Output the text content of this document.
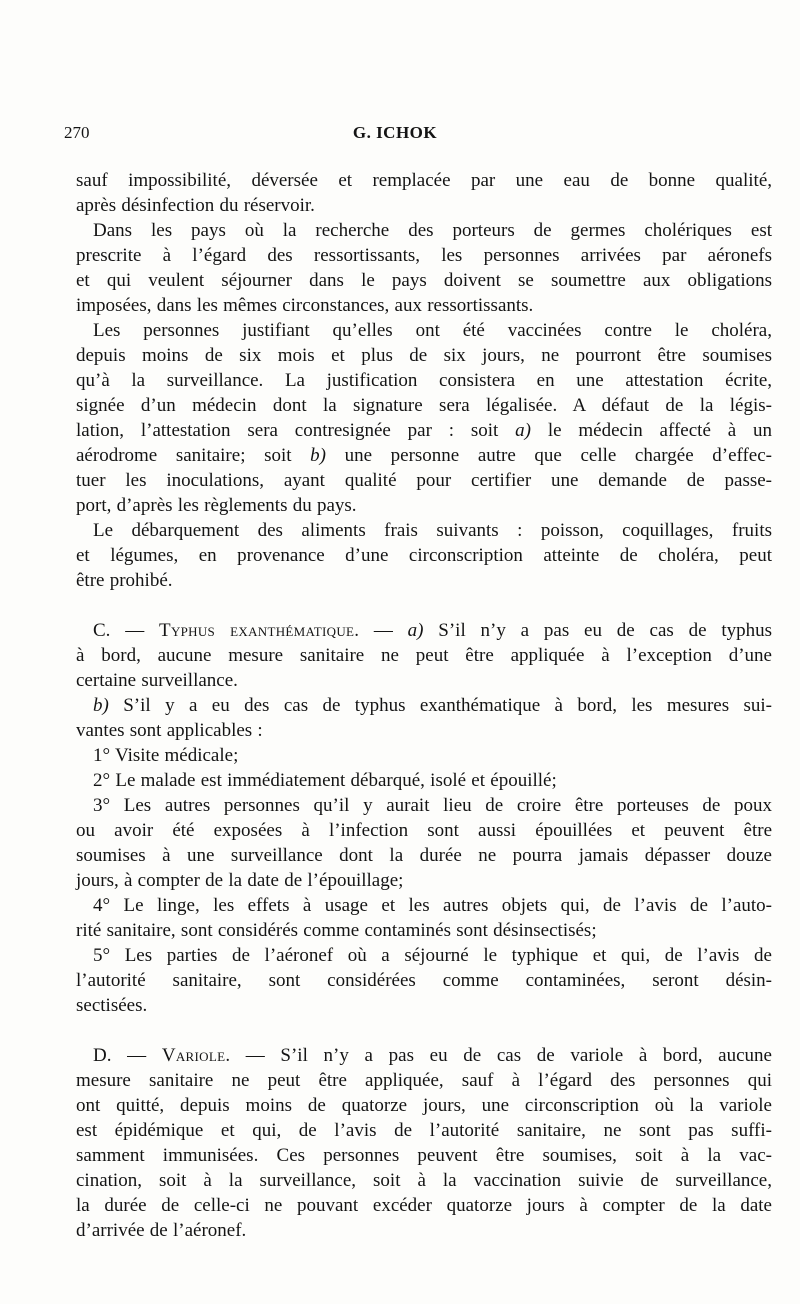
270	G. ICHOK
sauf impossibilité, déversée et remplacée par une eau de bonne qualité,
après désinfection du réservoir.
Dans les pays où la recherche des porteurs de germes cholériques est
prescrite à l’égard des ressortissants, les personnes arrivées par aéronefs
et qui veulent séjourner dans le pays doivent se soumettre aux obligations
imposées, dans les mêmes circonstances, aux ressortissants.
Les personnes justifiant qu’elles ont été vaccinées contre le choléra,
depuis moins de six mois et plus de six jours, ne pourront être soumises
qu’à la surveillance. La justification consistera en une attestation écrite,
signée d’un médecin dont la signature sera légalisée. A défaut de la légis-
lation, l’attestation sera contresignée par : soit a) le médecin affecté à un
aérodrome sanitaire; soit b) une personne autre que celle chargée d’effec-
tuer les inoculations, ayant qualité pour certifier une demande de passe-
port, d’après les règlements du pays.
Le débarquement des aliments frais suivants : poisson, coquillages, fruits
et légumes, en provenance d’une circonscription atteinte de choléra, peut
être prohibé.
C. — Typhus exanthématique. — a) S’il n’y a pas eu de cas de typhus
à bord, aucune mesure sanitaire ne peut être appliquée à l’exception d’une
certaine surveillance.
b) S’il y a eu des cas de typhus exanthématique à bord, les mesures sui-
vantes sont applicables :
1° Visite médicale;
2° Le malade est immédiatement débarqué, isolé et épouillé;
3° Les autres personnes qu’il y aurait lieu de croire être porteuses de poux
ou avoir été exposées à l’infection sont aussi épouillées et peuvent être
soumises à une surveillance dont la durée ne pourra jamais dépasser douze
jours, à compter de la date de l’épouillage;
4° Le linge, les effets à usage et les autres objets qui, de l’avis de l’auto-
rité sanitaire, sont considérés comme contaminés sont désinsectisés;
5° Les parties de l’aéronef où a séjourné le typhique et qui, de l’avis de
l’autorité sanitaire, sont considérées comme contaminées, seront désin-
sectisées.
D. — Variole. — S’il n’y a pas eu de cas de variole à bord, aucune
mesure sanitaire ne peut être appliquée, sauf à l’égard des personnes qui
ont quitté, depuis moins de quatorze jours, une circonscription où la variole
est épidémique et qui, de l’avis de l’autorité sanitaire, ne sont pas suffi-
samment immunisées. Ces personnes peuvent être soumises, soit à la vac-
cination, soit à la surveillance, soit à la vaccination suivie de surveillance,
la durée de celle-ci ne pouvant excéder quatorze jours à compter de la date
d’arrivée de l’aéronef.
